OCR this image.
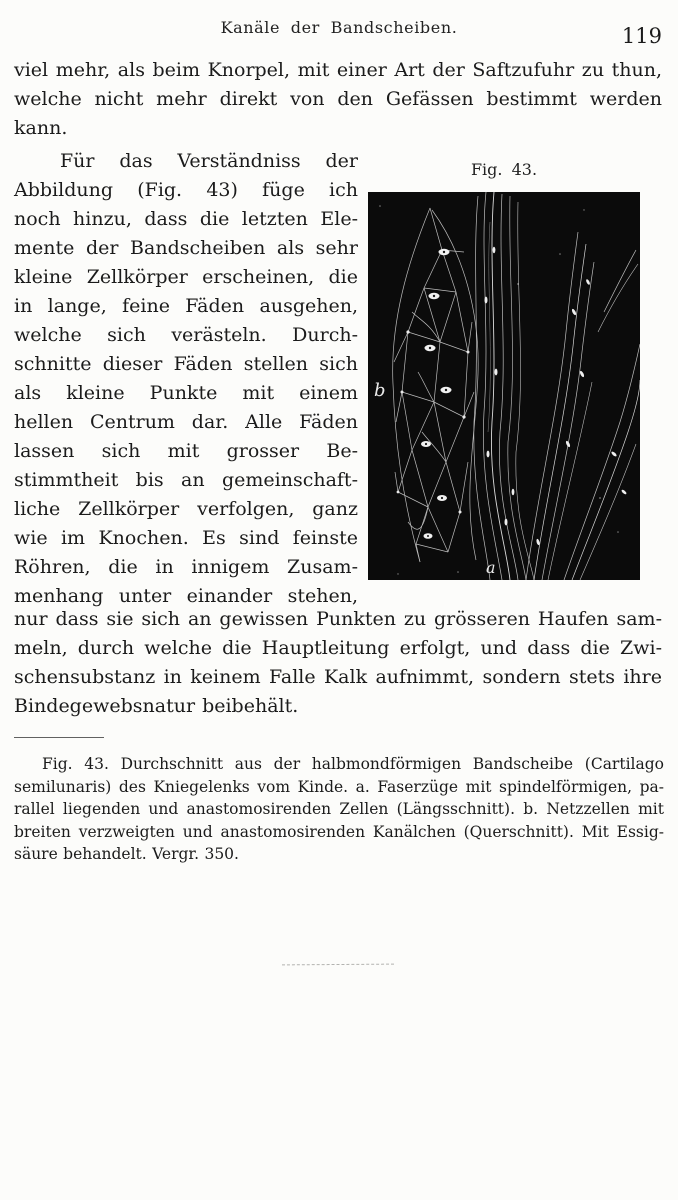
Kanäle der Bandscheiben.	119
viel mehr, als beim Knorpel, mit einer Art der Saftzufuhr zu thun,
welche nicht mehr direkt von den Gefässen bestimmt werden
kann.
Für das Verständniss der
Abbildung (Fig. 43) füge ich
noch hinzu, dass die letzten Ele-
mente der Bandscheiben als sehr
kleine Zellkörper erscheinen, die
in lange, feine Fäden ausgehen,
welche sich verästeln. Durch-
schnitte dieser Fäden stellen sich
als kleine Punkte mit einem
hellen Centrum dar. Alle Fäden
lassen sich mit grosser Be-
stimmtheit bis an gemeinschaft-
liche Zellkörper verfolgen, ganz
wie im Knochen. Es sind feinste
Röhren, die in innigem Zusam-
menhang unter einander stehen,
Fig. 43.
b
a
nur dass sie sich an gewissen Punkten zu grösseren Haufen sam-
meln, durch welche die Hauptleitung erfolgt, und dass die Zwi-
schensubstanz in keinem Falle Kalk aufnimmt, sondern stets ihre
Bindegewebsnatur beibehält.
Fig. 43. Durchschnitt aus der halbmondförmigen Bandscheibe (Cartilago
semilunaris) des Kniegelenks vom Kinde. a. Faserzüge mit spindelförmigen, pa-
rallel liegenden und anastomosirenden Zellen (Längsschnitt). b. Netzzellen mit
breiten verzweigten und anastomosirenden Kanälchen (Querschnitt). Mit Essig-
säure behandelt. Vergr. 350.
